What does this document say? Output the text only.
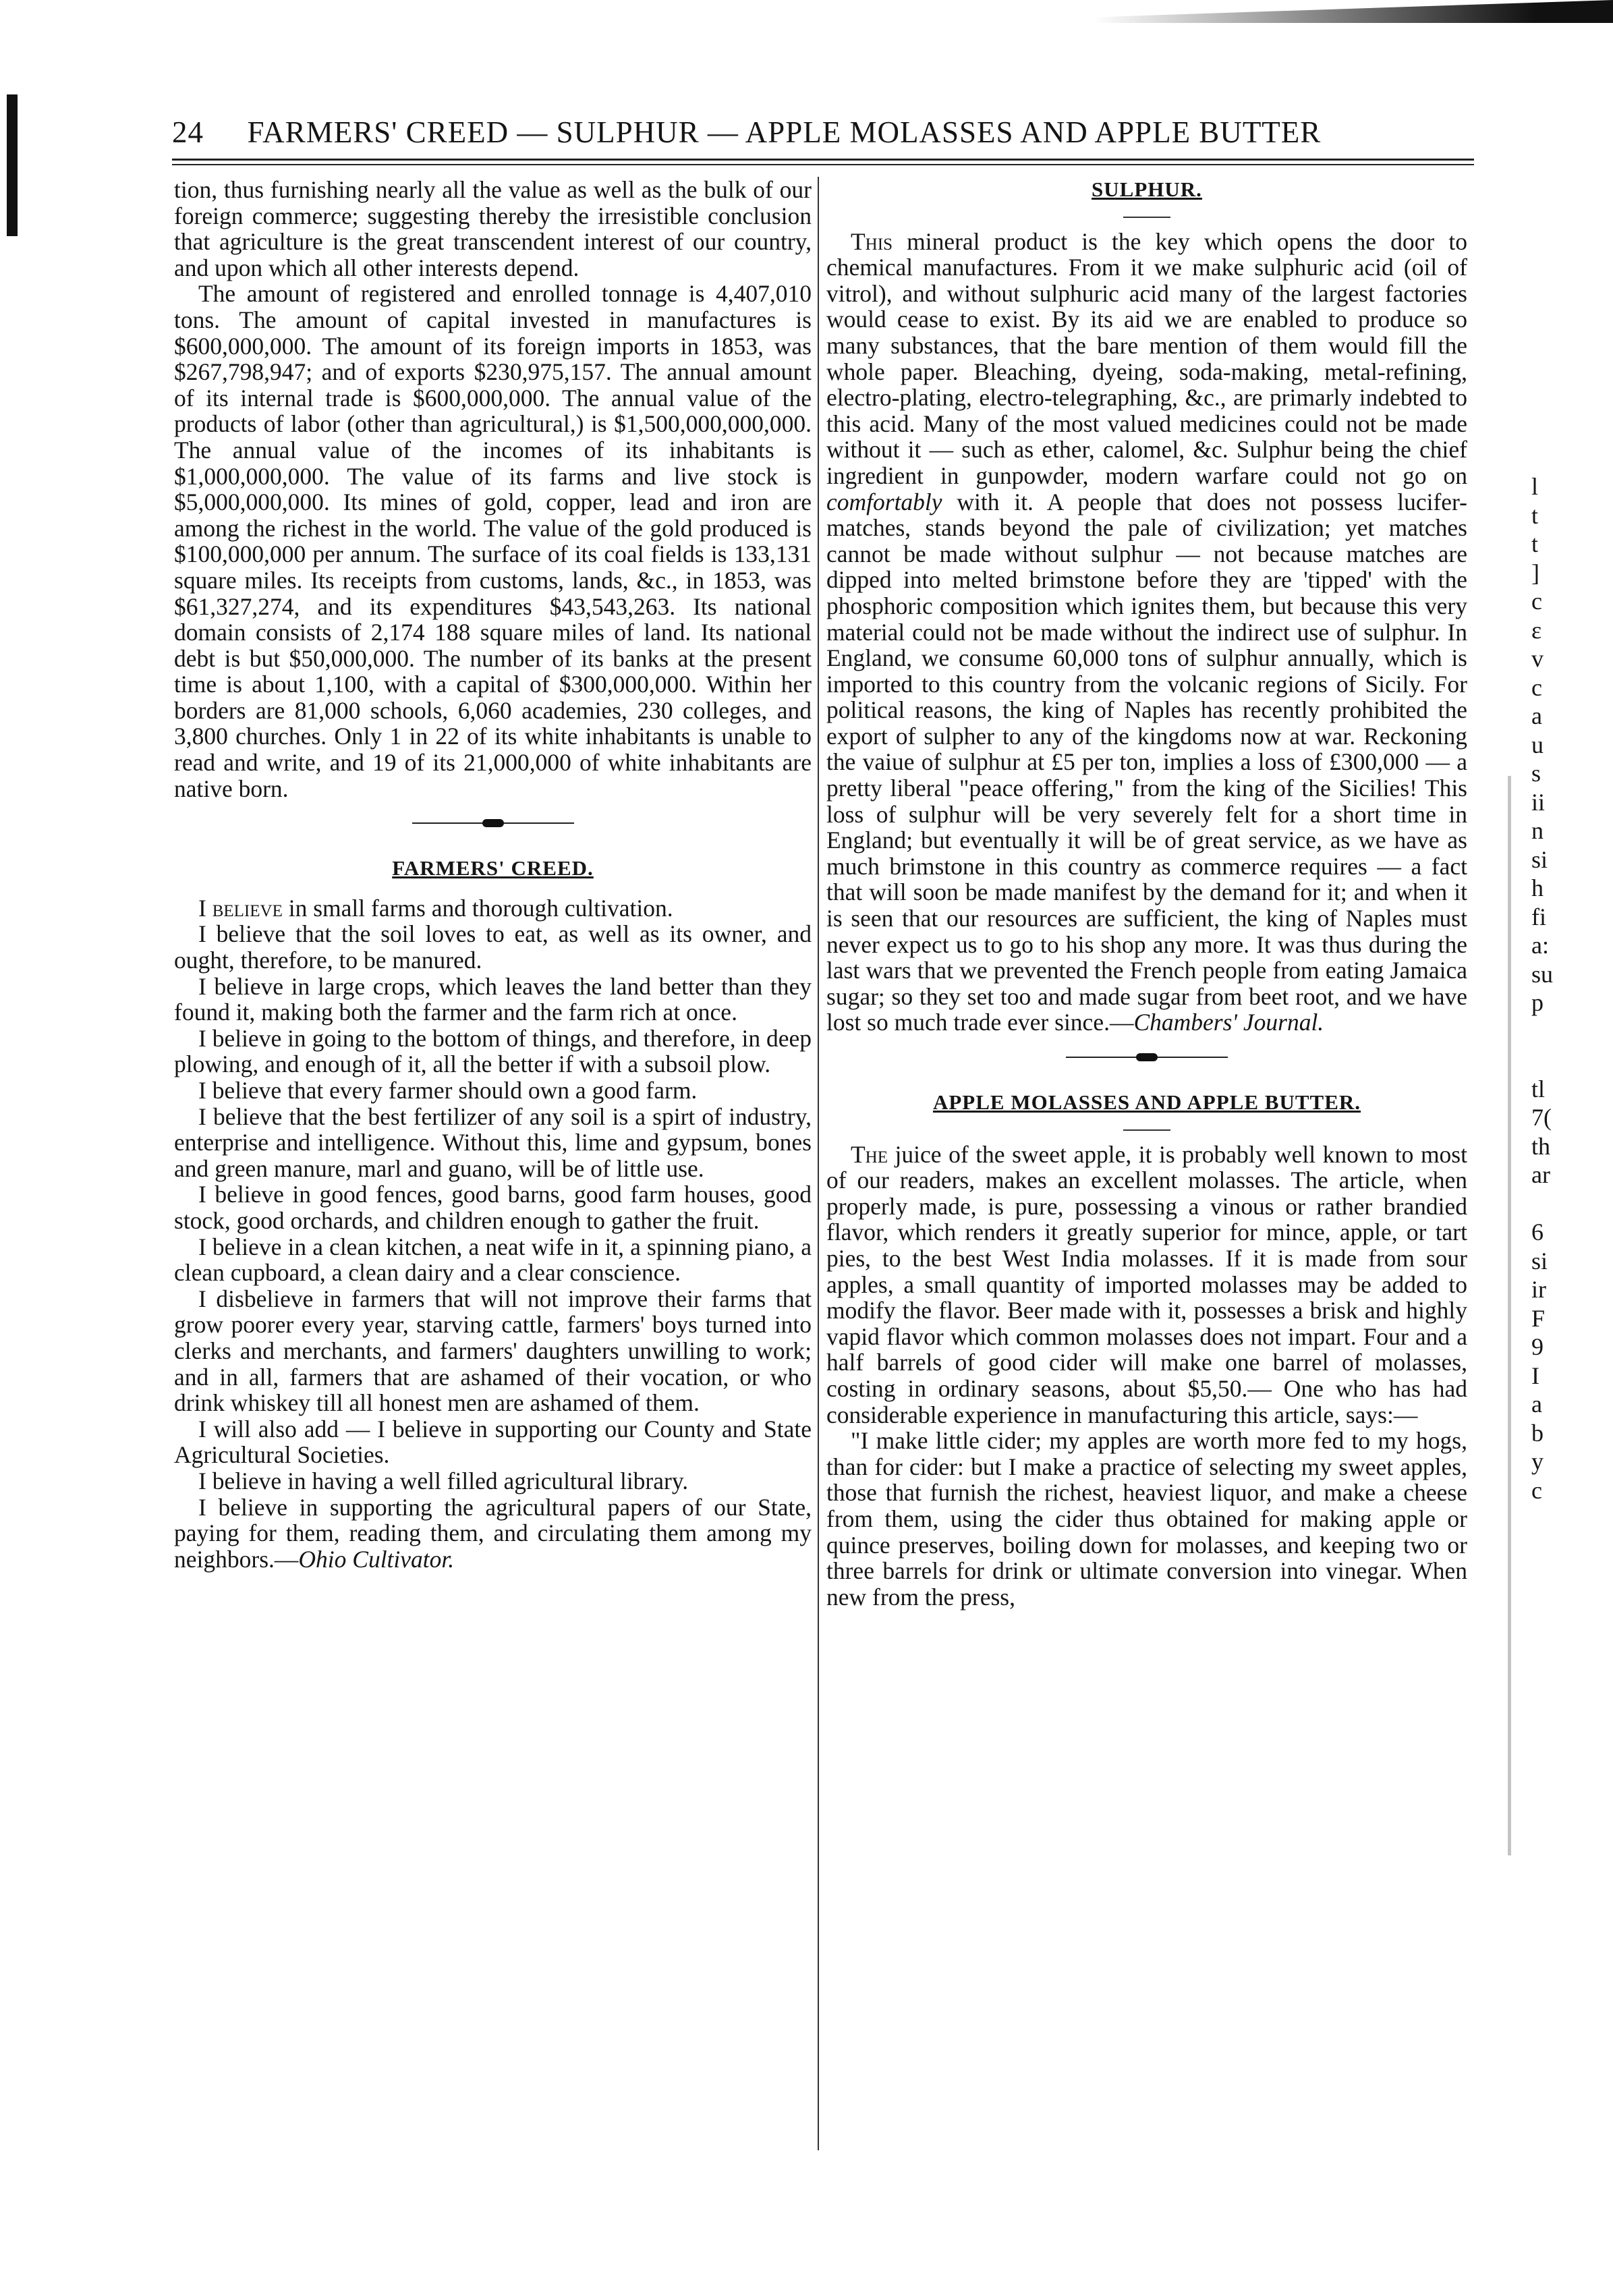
24 FARMERS' CREED — SULPHUR — APPLE MOLASSES AND APPLE BUTTER

tion, thus furnishing nearly all the value as well as the bulk of our foreign commerce; suggesting thereby the irresistible conclusion that agriculture is the great transcendent interest of our country, and upon which all other interests depend.

The amount of registered and enrolled tonnage is 4,407,010 tons. The amount of capital invested in manufactures is $600,000,000. The amount of its foreign imports in 1853, was $267,798,947; and of exports $230,975,157. The annual amount of its internal trade is $600,000,000. The annual value of the products of labor (other than agricultural,) is $1,500,000,000,000. The annual value of the incomes of its inhabitants is $1,000,000,000. The value of its farms and live stock is $5,000,000,000. Its mines of gold, copper, lead and iron are among the richest in the world. The value of the gold produced is $100,000,000 per annum. The surface of its coal fields is 133,131 square miles. Its receipts from customs, lands, &c., in 1853, was $61,327,274, and its expenditures $43,543,263. Its national domain consists of 2,174 188 square miles of land. Its national debt is but $50,000,000. The number of its banks at the present time is about 1,100, with a capital of $300,000,000. Within her borders are 81,000 schools, 6,060 academies, 230 colleges, and 3,800 churches. Only 1 in 22 of its white inhabitants is unable to read and write, and 19 of its 21,000,000 of white inhabitants are native born.

FARMERS' CREED.

I believe in small farms and thorough cultivation.

I believe that the soil loves to eat, as well as its owner, and ought, therefore, to be manured.

I believe in large crops, which leaves the land better than they found it, making both the farmer and the farm rich at once.

I believe in going to the bottom of things, and therefore, in deep plowing, and enough of it, all the better if with a subsoil plow.

I believe that every farmer should own a good farm.

I believe that the best fertilizer of any soil is a spirt of industry, enterprise and intelligence. Without this, lime and gypsum, bones and green manure, marl and guano, will be of little use.

I believe in good fences, good barns, good farm houses, good stock, good orchards, and children enough to gather the fruit.

I believe in a clean kitchen, a neat wife in it, a spinning piano, a clean cupboard, a clean dairy and a clear conscience.

I disbelieve in farmers that will not improve their farms that grow poorer every year, starving cattle, farmers' boys turned into clerks and merchants, and farmers' daughters unwilling to work; and in all, farmers that are ashamed of their vocation, or who drink whiskey till all honest men are ashamed of them.

I will also add — I believe in supporting our County and State Agricultural Societies.

I believe in having a well filled agricultural library.

I believe in supporting the agricultural papers of our State, paying for them, reading them, and circulating them among my neighbors.—Ohio Cultivator.

SULPHUR.

This mineral product is the key which opens the door to chemical manufactures. From it we make sulphuric acid (oil of vitrol), and without sulphuric acid many of the largest factories would cease to exist. By its aid we are enabled to produce so many substances, that the bare mention of them would fill the whole paper. Bleaching, dyeing, soda-making, metal-refining, electro-plating, electro-telegraphing, &c., are primarly indebted to this acid. Many of the most valued medicines could not be made without it — such as ether, calomel, &c. Sulphur being the chief ingredient in gunpowder, modern warfare could not go on comfortably with it. A people that does not possess lucifer-matches, stands beyond the pale of civilization; yet matches cannot be made without sulphur — not because matches are dipped into melted brimstone before they are 'tipped' with the phosphoric composition which ignites them, but because this very material could not be made without the indirect use of sulphur. In England, we consume 60,000 tons of sulphur annually, which is imported to this country from the volcanic regions of Sicily. For political reasons, the king of Naples has recently prohibited the export of sulpher to any of the kingdoms now at war. Reckoning the vaiue of sulphur at £5 per ton, implies a loss of £300,000 — a pretty liberal "peace offering," from the king of the Sicilies! This loss of sulphur will be very severely felt for a short time in England; but eventually it will be of great service, as we have as much brimstone in this country as commerce requires — a fact that will soon be made manifest by the demand for it; and when it is seen that our resources are sufficient, the king of Naples must never expect us to go to his shop any more. It was thus during the last wars that we prevented the French people from eating Jamaica sugar; so they set too and made sugar from beet root, and we have lost so much trade ever since.—Chambers' Journal.

APPLE MOLASSES AND APPLE BUTTER.

The juice of the sweet apple, it is probably well known to most of our readers, makes an excellent molasses. The article, when properly made, is pure, possessing a vinous or rather brandied flavor, which renders it greatly superior for mince, apple, or tart pies, to the best West India molasses. If it is made from sour apples, a small quantity of imported molasses may be added to modify the flavor. Beer made with it, possesses a brisk and highly vapid flavor which common molasses does not impart. Four and a half barrels of good cider will make one barrel of molasses, costing in ordinary seasons, about $5,50.— One who has had considerable experience in manufacturing this article, says:—

"I make little cider; my apples are worth more fed to my hogs, than for cider: but I make a practice of selecting my sweet apples, those that furnish the richest, heaviest liquor, and make a cheese from them, using the cider thus obtained for making apple or quince preserves, boiling down for molasses, and keeping two or three barrels for drink or ultimate conversion into vinegar. When new from the press,

l
t
t
]
c
ε
v
c
a
u
s
ii
n
si
h
fi
a:
su
p
tl
7(
th
ar
6
si
ir
F
9
I
a
b
y
c
